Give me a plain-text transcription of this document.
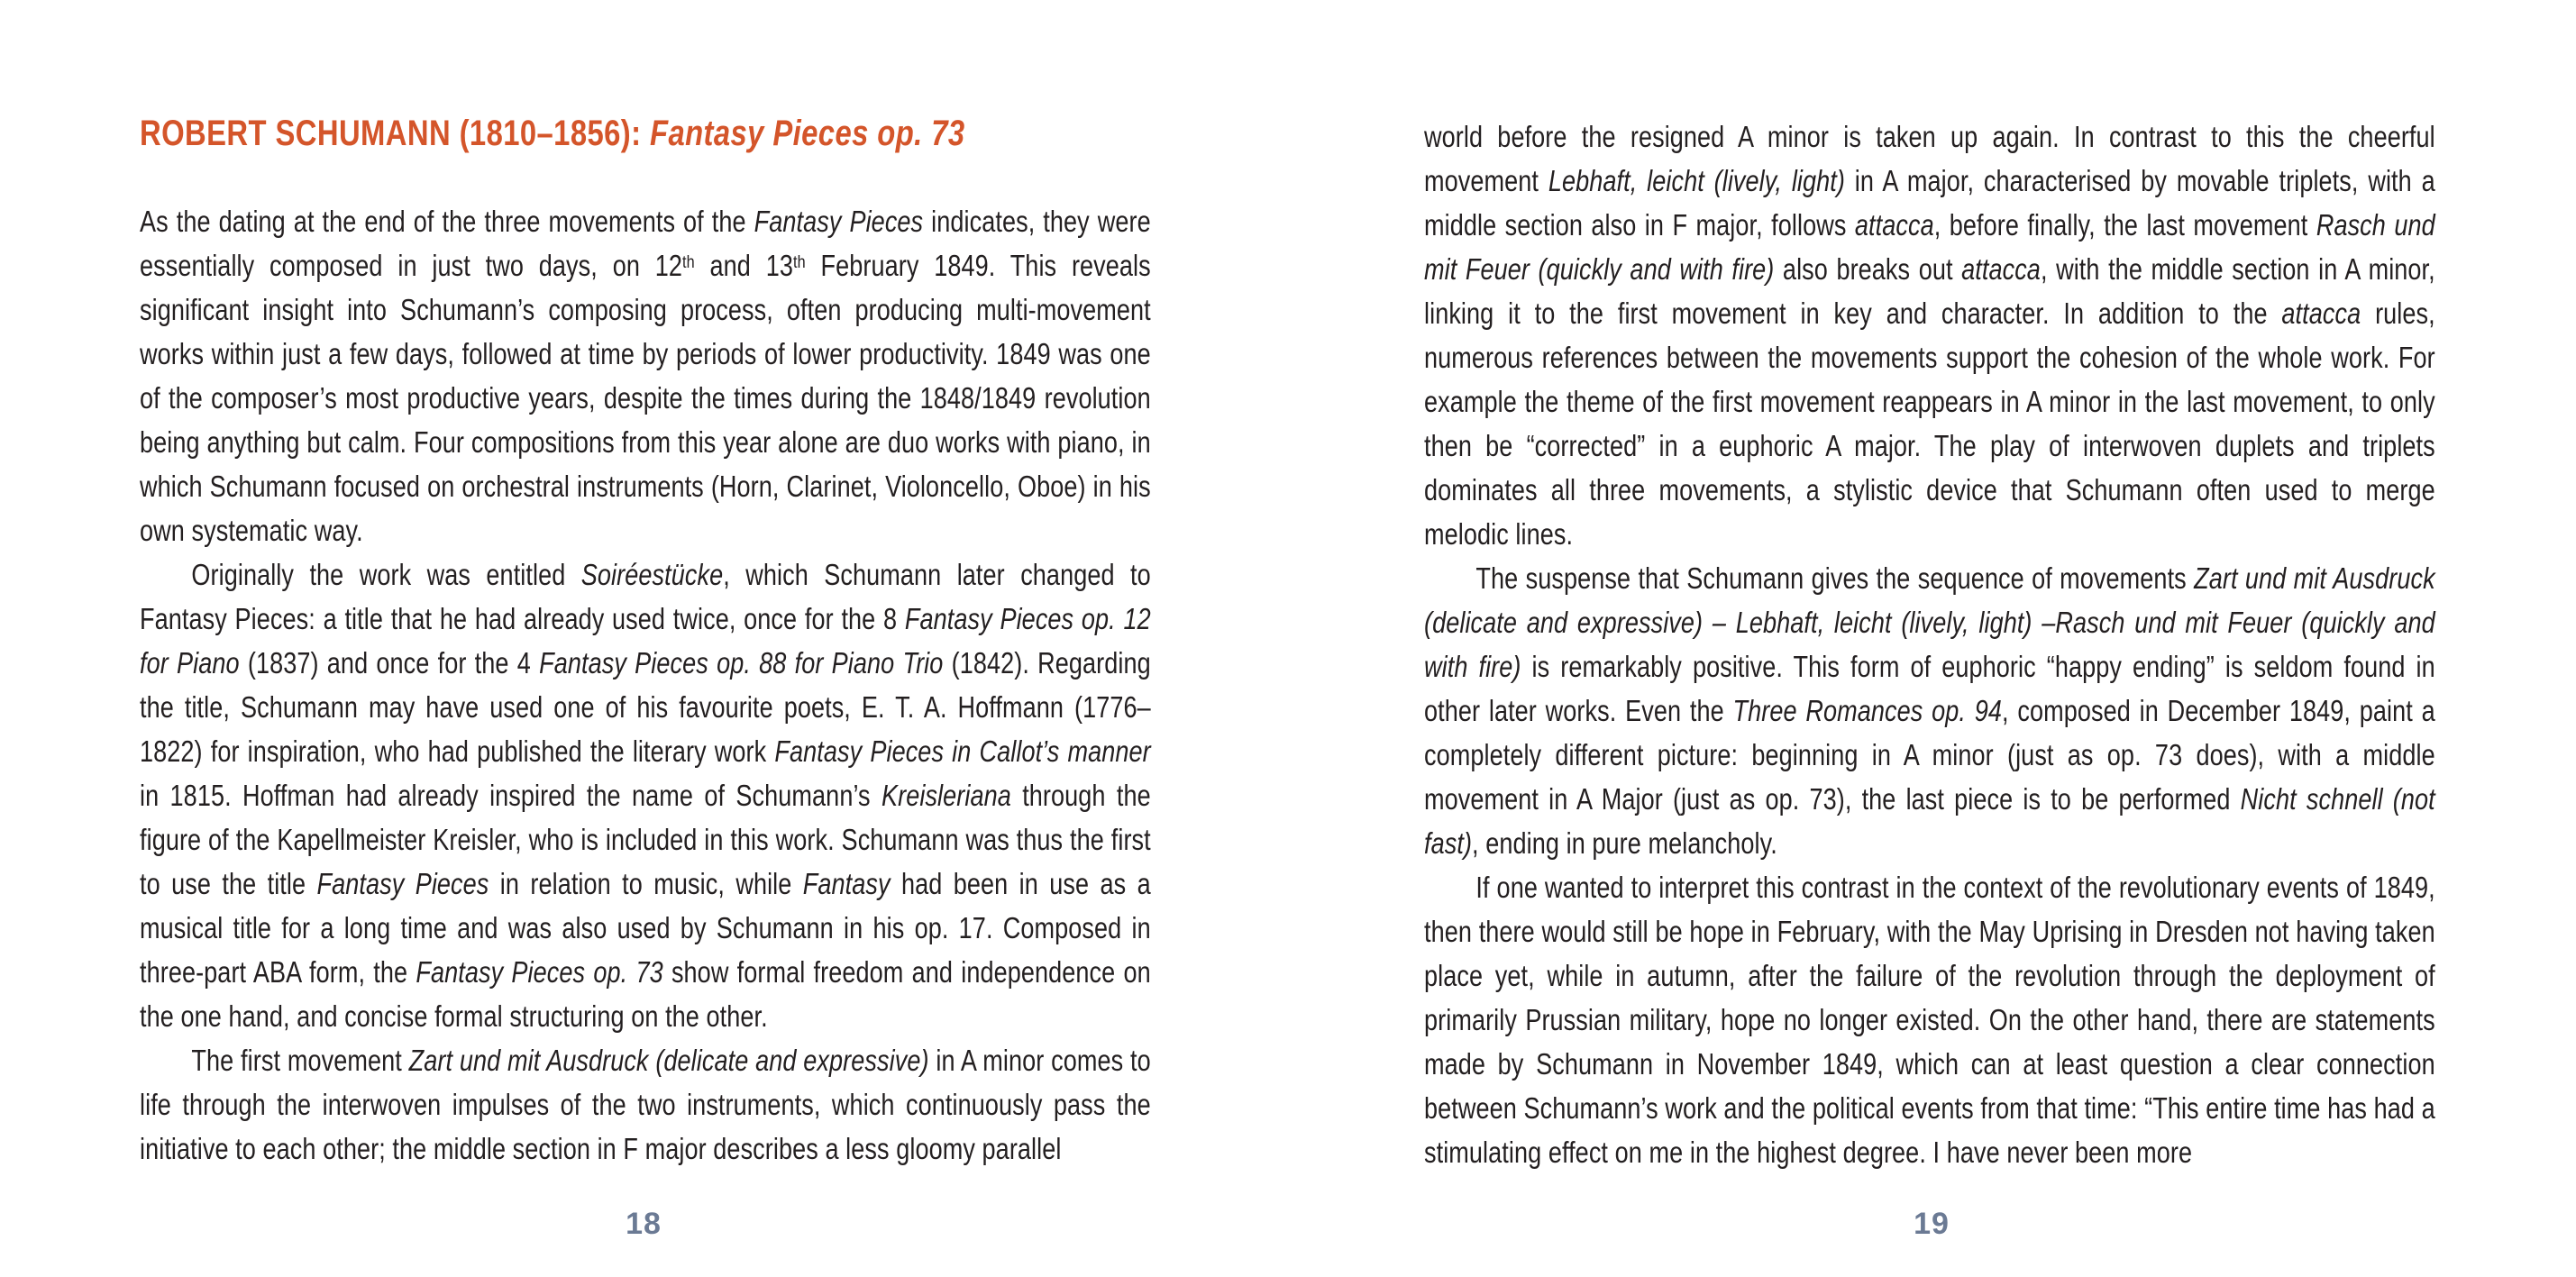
ROBERT SCHUMANN (1810–1856): Fantasy Pieces op. 73

As the dating at the end of the three movements of the Fantasy Pieces indicates, they were essentially composed in just two days, on 12th and 13th February 1849. This reveals significant insight into Schumann’s composing process, often producing multi-movement works within just a few days, followed at time by periods of lower productivity. 1849 was one of the composer’s most productive years, despite the times during the 1848/1849 revolution being anything but calm. Four compositions from this year alone are duo works with piano, in which Schumann focused on orchestral instruments (Horn, Clarinet, Violoncello, Oboe) in his own systematic way.

Originally the work was entitled Soiréestücke, which Schumann later changed to Fantasy Pieces: a title that he had already used twice, once for the 8 Fantasy Pieces op. 12 for Piano (1837) and once for the 4 Fantasy Pieces op. 88 for Piano Trio (1842). Regarding the title, Schumann may have used one of his favourite poets, E. T. A. Hoffmann (1776–1822) for inspiration, who had published the literary work Fantasy Pieces in Callot’s manner in 1815. Hoffman had already inspired the name of Schumann’s Kreisleriana through the figure of the Kapellmeister Kreisler, who is included in this work. Schumann was thus the first to use the title Fantasy Pieces in relation to music, while Fantasy had been in use as a musical title for a long time and was also used by Schumann in his op. 17. Composed in three-part ABA form, the Fantasy Pieces op. 73 show formal freedom and independence on the one hand, and concise formal structuring on the other.

The first movement Zart und mit Ausdruck (delicate and expressive) in A minor comes to life through the interwoven impulses of the two instruments, which continuously pass the initiative to each other; the middle section in F major describes a less gloomy parallel

18

world before the resigned A minor is taken up again. In contrast to this the cheerful movement Lebhaft, leicht (lively, light) in A major, characterised by movable triplets, with a middle section also in F major, follows attacca, before finally, the last movement Rasch und mit Feuer (quickly and with fire) also breaks out attacca, with the middle section in A minor, linking it to the first movement in key and character. In addition to the attacca rules, numerous references between the movements support the cohesion of the whole work. For example the theme of the first movement reappears in A minor in the last movement, to only then be “corrected” in a euphoric A major. The play of interwoven duplets and triplets dominates all three movements, a stylistic device that Schumann often used to merge melodic lines.

The suspense that Schumann gives the sequence of movements Zart und mit Ausdruck (delicate and expressive) – Lebhaft, leicht (lively, light) –Rasch und mit Feuer (quickly and with fire) is remarkably positive. This form of euphoric “happy ending” is seldom found in other later works. Even the Three Romances op. 94, composed in December 1849, paint a completely different picture: beginning in A minor (just as op. 73 does), with a middle movement in A Major (just as op. 73), the last piece is to be performed Nicht schnell (not fast), ending in pure melancholy.

If one wanted to interpret this contrast in the context of the revolutionary events of 1849, then there would still be hope in February, with the May Uprising in Dresden not having taken place yet, while in autumn, after the failure of the revolution through the deployment of primarily Prussian military, hope no longer existed. On the other hand, there are statements made by Schumann in November 1849, which can at least question a clear connection between Schumann’s work and the political events from that time: “This entire time has had a stimulating effect on me in the highest degree. I have never been more

19
